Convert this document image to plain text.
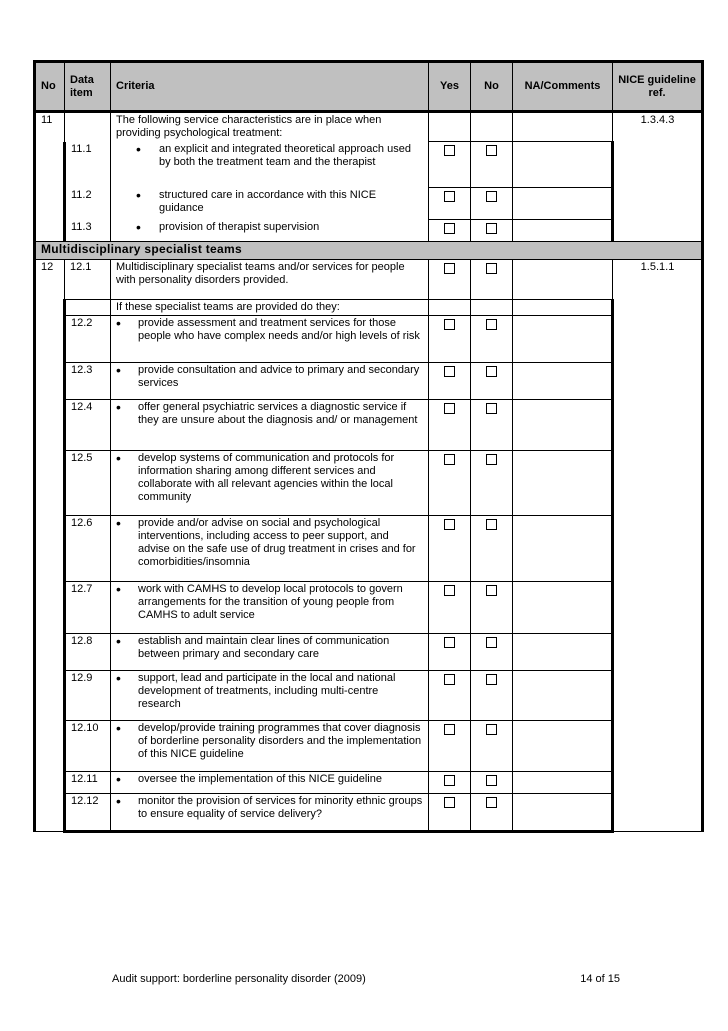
No	Data item	Criteria	Yes	No	NA/Comments	NICE guideline ref.
11		The following service characteristics are in place when providing psychological treatment:				1.3.4.3
	11.1	• an explicit and integrated theoretical approach used by both the treatment team and the therapist

	11.2	• structured care in accordance with this NICE guidance

	11.3	• provision of therapist supervision

Multidisciplinary specialist teams						
12	12.1	Multidisciplinary specialist teams and/or services for people with personality disorders provided.				1.5.1.1
		If these specialist teams are provided do they:				
	12.2	• provide assessment and treatment services for those people who have complex needs and/or high levels of risk

	12.3	• provide consultation and advice to primary and secondary services

	12.4	• offer general psychiatric services a diagnostic service if they are unsure about the diagnosis and/ or management

	12.5	• develop systems of communication and protocols for information sharing among different services and collaborate with all relevant agencies within the local community

	12.6	• provide and/or advise on social and psychological interventions, including access to peer support, and advise on the safe use of drug treatment in crises and for comorbidities/insomnia

	12.7	• work with CAMHS to develop local protocols to govern arrangements for the transition of young people from CAMHS to adult service

	12.8	• establish and maintain clear lines of communication between primary and secondary care

	12.9	• support, lead and participate in the local and national development of treatments, including multi-centre research

	12.10	• develop/provide training programmes that cover diagnosis of borderline personality disorders and the implementation of this NICE guideline

	12.11	• oversee the implementation of this NICE guideline

	12.12	• monitor the provision of services for minority ethnic groups to ensure equality of service delivery?

Audit support: borderline personality disorder (2009)	14 of 15
